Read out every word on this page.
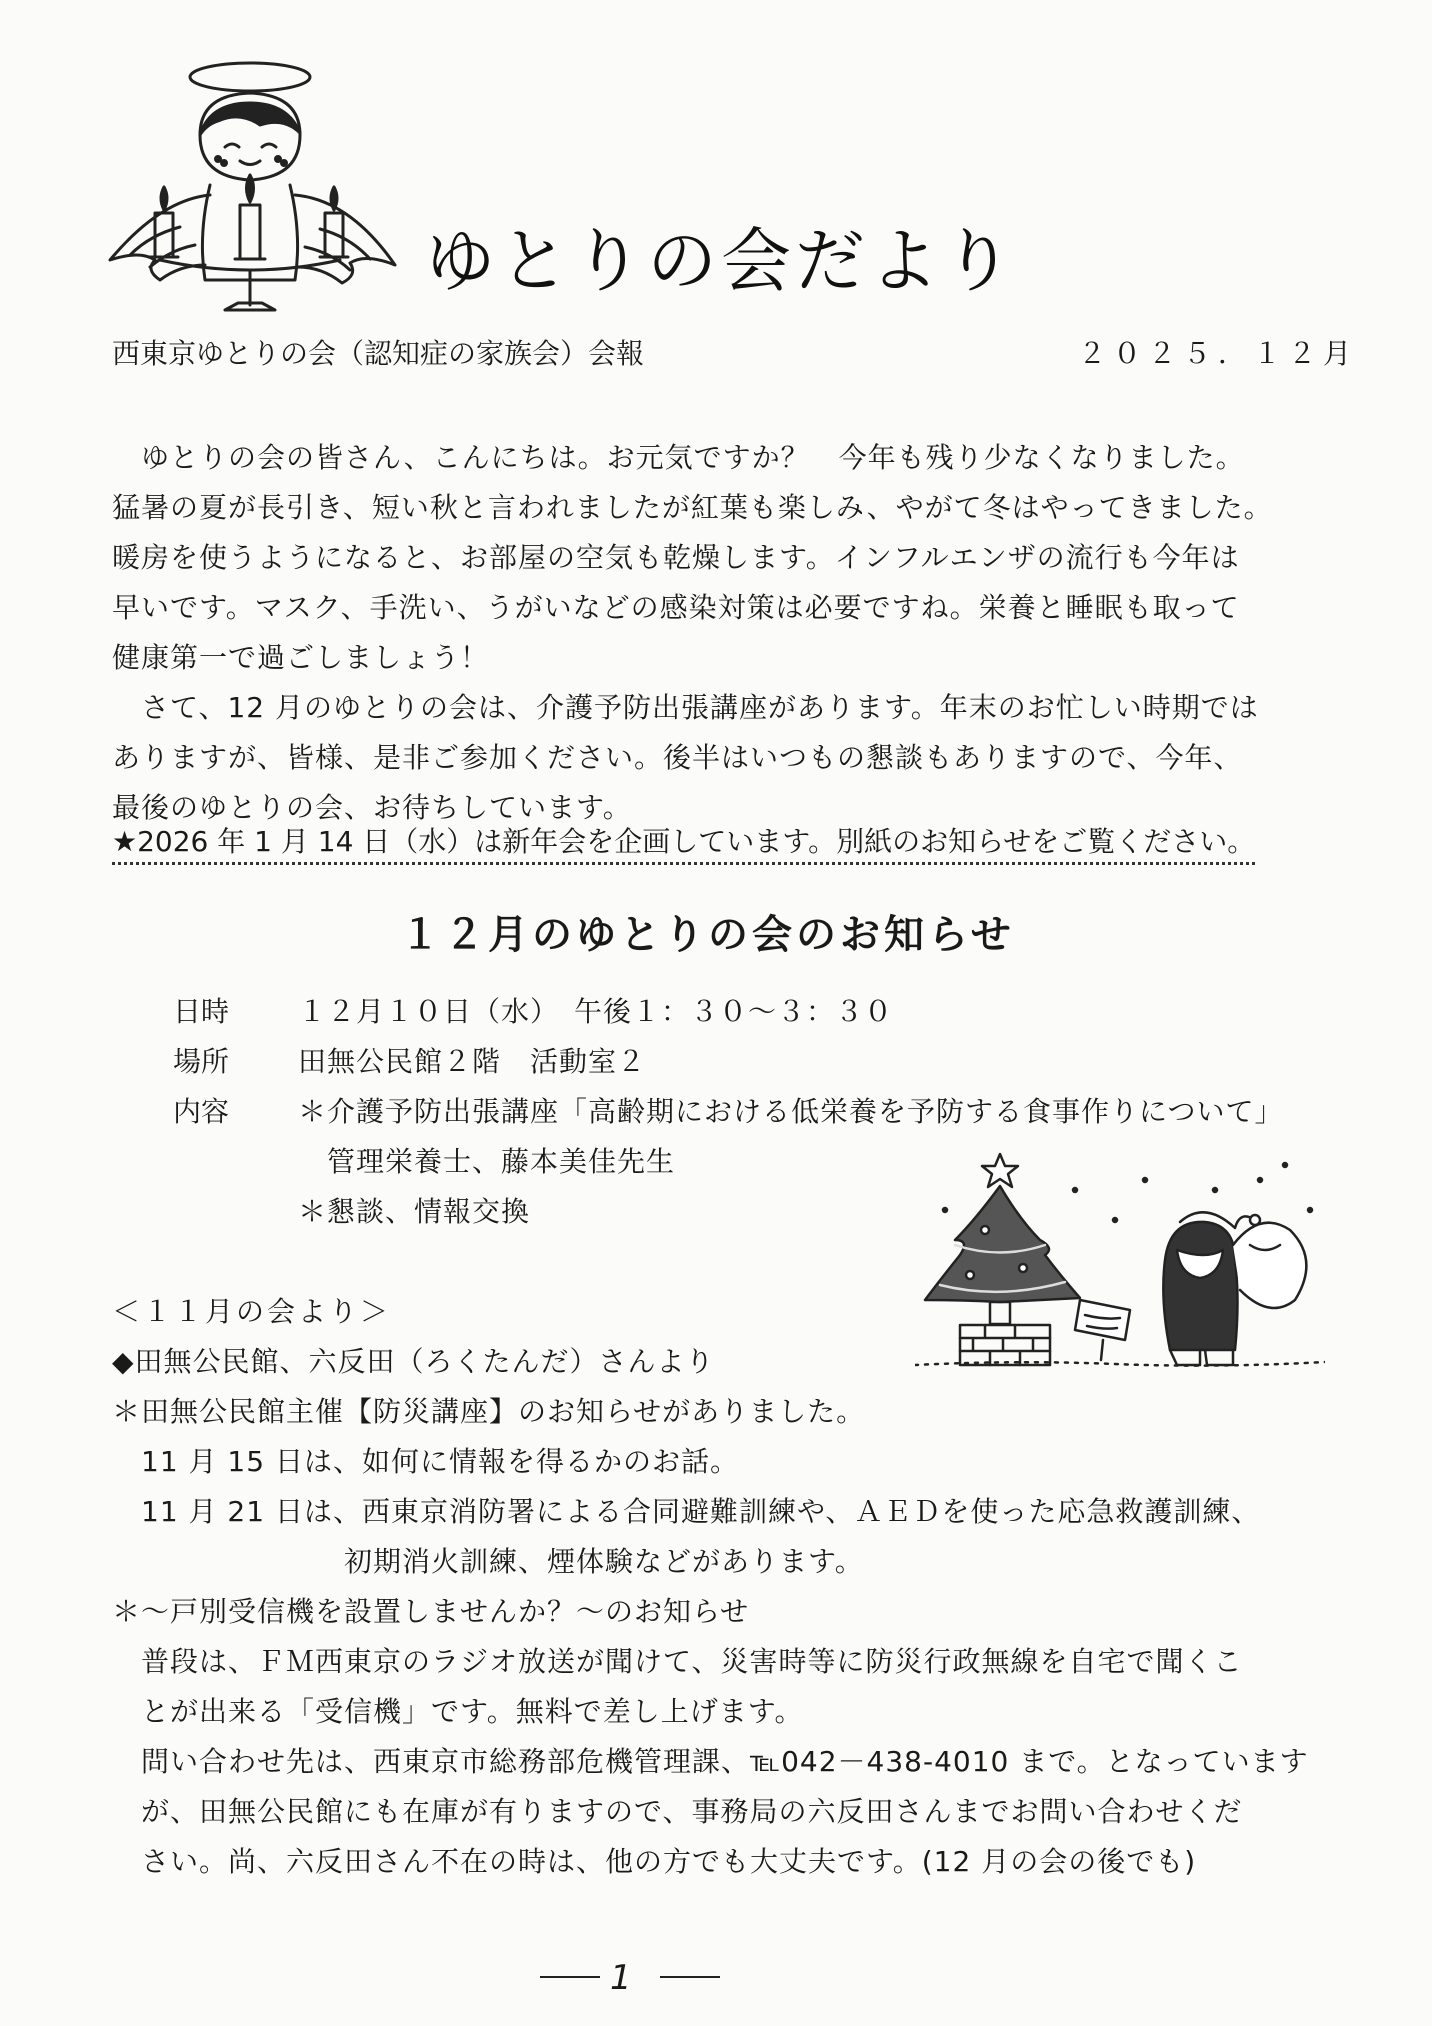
ゆとりの会だより
西東京ゆとりの会（認知症の家族会）会報	２０２５．１２月
　ゆとりの会の皆さん、こんにちは。お元気ですか？　今年も残り少なくなりました。
猛暑の夏が長引き、短い秋と言われましたが紅葉も楽しみ、やがて冬はやってきました。
暖房を使うようになると、お部屋の空気も乾燥します。インフルエンザの流行も今年は
早いです。マスク、手洗い、うがいなどの感染対策は必要ですね。栄養と睡眠も取って
健康第一で過ごしましょう！
　さて、12 月のゆとりの会は、介護予防出張講座があります。年末のお忙しい時期では
ありますが、皆様、是非ご参加ください。後半はいつもの懇談もありますので、今年、
最後のゆとりの会、お待ちしています。
★2026 年 1 月 14 日（水）は新年会を企画しています。別紙のお知らせをご覧ください。
１２月のゆとりの会のお知らせ
日時 １２月１０日（水）　午後１：３０～３：３０
場所 田無公民館２階　活動室２
内容 ＊介護予防出張講座「高齢期における低栄養を予防する食事作りについて」
　管理栄養士、藤本美佳先生
＊懇談、情報交換
＜１１月の会より＞
◆田無公民館、六反田（ろくたんだ）さんより
＊田無公民館主催【防災講座】のお知らせがありました。
　11 月 15 日は、如何に情報を得るかのお話。
　11 月 21 日は、西東京消防署による合同避難訓練や、ＡＥＤを使った応急救護訓練、
　　　　　　　　初期消火訓練、煙体験などがあります。
＊～戸別受信機を設置しませんか？～のお知らせ
　普段は、ＦＭ西東京のラジオ放送が聞けて、災害時等に防災行政無線を自宅で聞くこ
　とが出来る「受信機」です。無料で差し上げます。
　問い合わせ先は、西東京市総務部危機管理課、℡042－438-4010 まで。となっています
　が、田無公民館にも在庫が有りますので、事務局の六反田さんまでお問い合わせくだ
　さい。尚、六反田さん不在の時は、他の方でも大丈夫です。(12 月の会の後でも)
1
